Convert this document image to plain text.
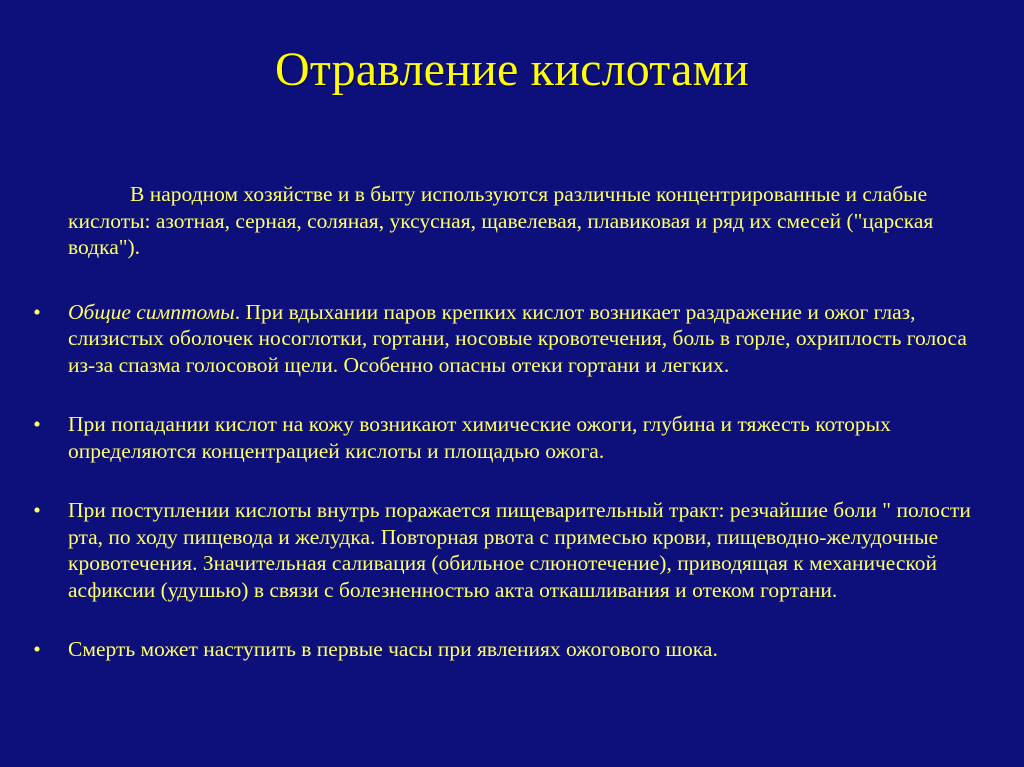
Отравление кислотами

В народном хозяйстве и в быту используются различные концентрированные и слабые кислоты: азотная, серная, соляная, уксусная, щавелевая, плавиковая и ряд их смесей ("царская водка").

• Общие симптомы. При вдыхании паров крепких кислот возникает раздражение и ожог глаз, слизистых оболочек носоглотки, гортани, носовые кровотечения, боль в горле, охриплость голоса из-за спазма голосовой щели. Особенно опасны отеки гортани и легких.
• При попадании кислот на кожу возникают химические ожоги, глубина и тяжесть которых определяются концентрацией кислоты и площадью ожога.
• При поступлении кислоты внутрь поражается пищеварительный тракт: резчайшие боли " полости рта, по ходу пищевода и желудка. Повторная рвота с примесью крови, пищеводно-желудочные кровотечения. Значительная саливация (обильное слюнотечение), приводящая к механической асфиксии (удушью) в связи с болезненностью акта откашливания и отеком гортани.
• Смерть может наступить в первые часы при явлениях ожогового шока.
